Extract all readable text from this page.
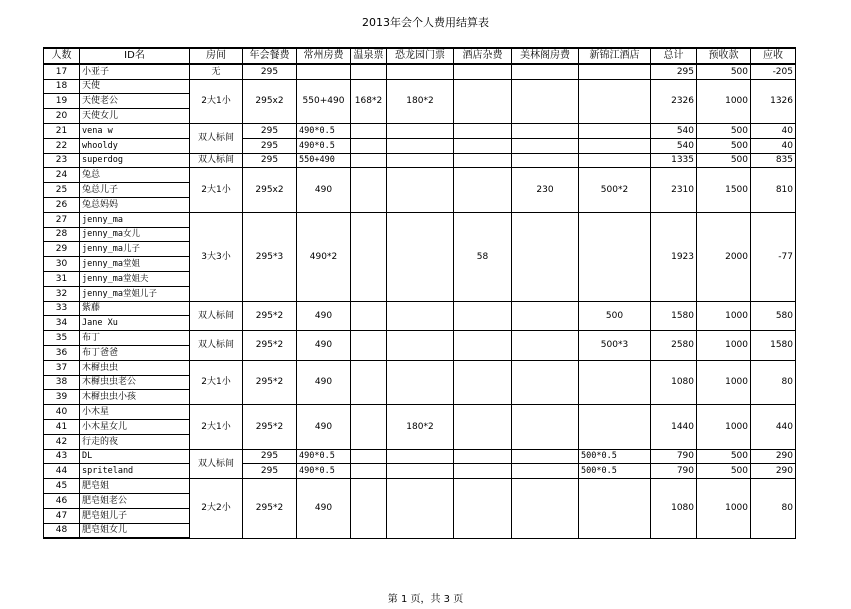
2013年会个人费用结算表
人数	ID名	房间	年会餐费	常州房费	温泉票	恐龙园门票	酒店杂费	美林阁房费	新锦江酒店	总计	预收款	应收
17	小亚子	无	295							295	500	-205
18	天使	2大1小	295x2	550+490	168*2	180*2				2326	1000	1326
19	天使老公											
20	天使女儿											
21	vena w	双人标间	295	490*0.5						540	500	40
22	whooldy		295	490*0.5						540	500	40
23	superdog	双人标间	295	550+490						1335	500	835
24	兔总	2大1小	295x2	490				230	500*2	2310	1500	810
25	兔总儿子											
26	兔总妈妈											
27	jenny_ma	3大3小	295*3	490*2			58			1923	2000	-77
28	jenny_ma女儿											
29	jenny_ma儿子											
30	jenny_ma堂姐											
31	jenny_ma堂姐夫											
32	jenny_ma堂姐儿子											
33	紫藤	双人标间	295*2	490					500	1580	1000	580
34	Jane Xu											
35	布丁	双人标间	295*2	490					500*3	2580	1000	1580
36	布丁爸爸											
37	木樨虫虫	2大1小	295*2	490						1080	1000	80
38	木樨虫虫老公											
39	木樨虫虫小孩											
40	小木星	2大1小	295*2	490		180*2				1440	1000	440
41	小木星女儿											
42	行走的夜											
43	DL	双人标间	295	490*0.5					500*0.5	790	500	290
44	spriteland		295	490*0.5					500*0.5	790	500	290
45	肥皂姐	2大2小	295*2	490						1080	1000	80
46	肥皂姐老公											
47	肥皂姐儿子											
48	肥皂姐女儿											
第 1 页，共 3 页
